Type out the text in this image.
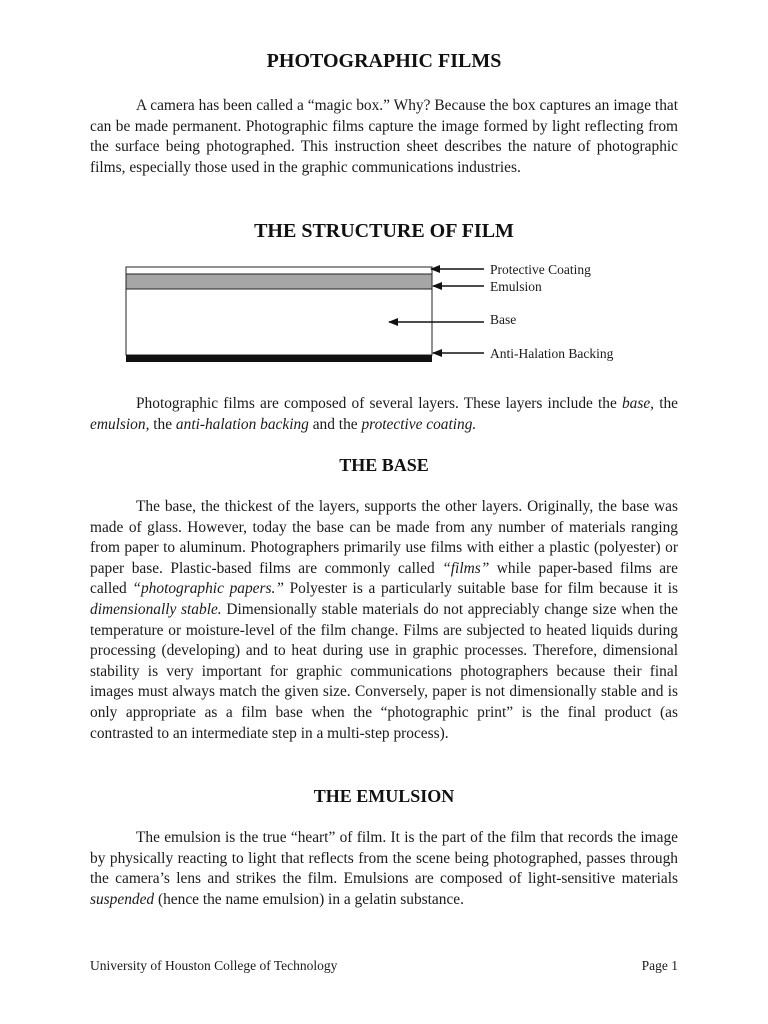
PHOTOGRAPHIC FILMS

A camera has been called a “magic box.” Why? Because the box captures an image that can be made permanent. Photographic films capture the image formed by light reflecting from the surface being photographed. This instruction sheet describes the nature of photographic films, especially those used in the graphic communications industries.

THE STRUCTURE OF FILM
Protective Coating
Emulsion
Base
Anti-Halation Backing

Photographic films are composed of several layers. These layers include the base, the emulsion, the anti-halation backing and the protective coating.

THE BASE

The base, the thickest of the layers, supports the other layers. Originally, the base was made of glass. However, today the base can be made from any number of materials ranging from paper to aluminum. Photographers primarily use films with either a plastic (polyester) or paper base. Plastic-based films are commonly called “films” while paper-based films are called “photographic papers.” Polyester is a particularly suitable base for film because it is dimensionally stable. Dimensionally stable materials do not appreciably change size when the temperature or moisture-level of the film change. Films are subjected to heated liquids during processing (developing) and to heat during use in graphic processes. Therefore, dimensional stability is very important for graphic communications photographers because their final images must always match the given size. Conversely, paper is not dimensionally stable and is only appropriate as a film base when the “photographic print” is the final product (as contrasted to an intermediate step in a multi-step process).

THE EMULSION

The emulsion is the true “heart” of film. It is the part of the film that records the image by physically reacting to light that reflects from the scene being photographed, passes through the camera’s lens and strikes the film. Emulsions are composed of light-sensitive materials suspended (hence the name emulsion) in a gelatin substance.

University of Houston College of Technology	Page 1
